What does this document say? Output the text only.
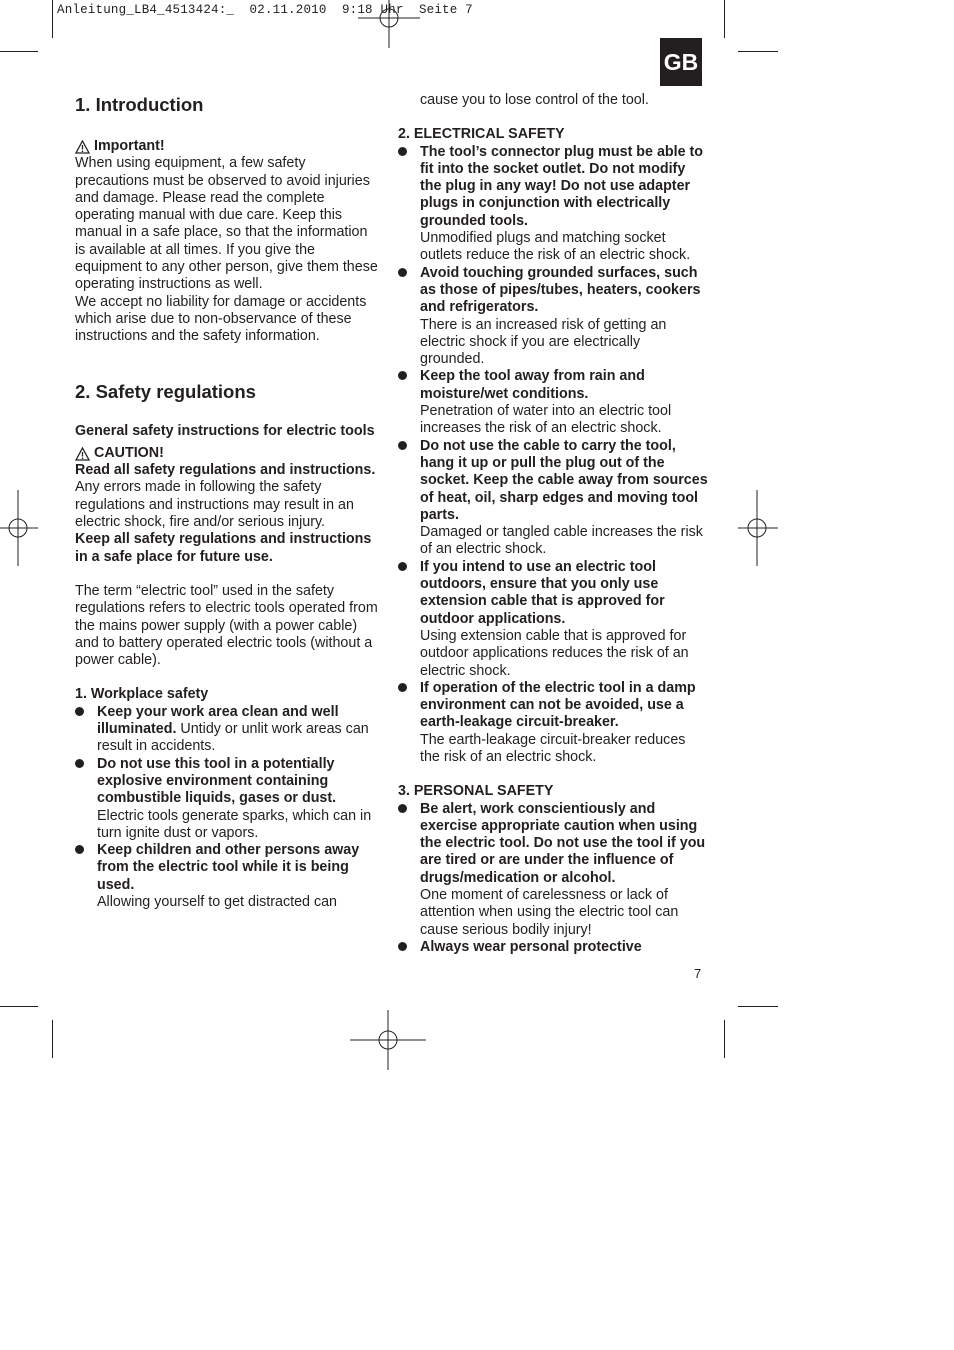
Anleitung_LB4_4513424:_  02.11.2010  9:18 Uhr  Seite 7
GB
1. Introduction
Important!

When using equipment, a few safety precautions must be observed to avoid injuries and damage. Please read the complete operating manual with due care. Keep this manual in a safe place, so that the information is available at all times. If you give the equipment to any other person, give them these operating instructions as well.

We accept no liability for damage or accidents which arise due to non-observance of these instructions and the safety information.

2. Safety regulations

General safety instructions for electric tools

CAUTION!

Read all safety regulations and instructions.

Any errors made in following the safety regulations and instructions may result in an electric shock, fire and/or serious injury.

Keep all safety regulations and instructions in a safe place for future use.

The term “electric tool” used in the safety regulations refers to electric tools operated from the mains power supply (with a power cable) and to battery operated electric tools (without a power cable).

1. Workplace safety

Keep your work area clean and well illuminated. Untidy or unlit work areas can result in accidents.
Do not use this tool in a potentially explosive environment containing combustible liquids, gases or dust.
Electric tools generate sparks, which can in turn ignite dust or vapors.
Keep children and other persons away from the electric tool while it is being used.
Allowing yourself to get distracted can

cause you to lose control of the tool.

2. ELECTRICAL SAFETY

The tool’s connector plug must be able to fit into the socket outlet. Do not modify the plug in any way! Do not use adapter plugs in conjunction with electrically grounded tools.
Unmodified plugs and matching socket outlets reduce the risk of an electric shock.
Avoid touching grounded surfaces, such as those of pipes/tubes, heaters, cookers and refrigerators.
There is an increased risk of getting an electric shock if you are electrically grounded.
Keep the tool away from rain and moisture/wet conditions.
Penetration of water into an electric tool increases the risk of an electric shock.
Do not use the cable to carry the tool, hang it up or pull the plug out of the socket. Keep the cable away from sources of heat, oil, sharp edges and moving tool parts.
Damaged or tangled cable increases the risk of an electric shock.
If you intend to use an electric tool outdoors, ensure that you only use extension cable that is approved for outdoor applications.
Using extension cable that is approved for outdoor applications reduces the risk of an electric shock.
If operation of the electric tool in a damp environment can not be avoided, use a earth-leakage circuit-breaker.
The earth-leakage circuit-breaker reduces the risk of an electric shock.

3. PERSONAL SAFETY

Be alert, work conscientiously and exercise appropriate caution when using the electric tool. Do not use the tool if you are tired or are under the influence of drugs/medication or alcohol.
One moment of carelessness or lack of attention when using the electric tool can cause serious bodily injury!
Always wear personal protective
7
